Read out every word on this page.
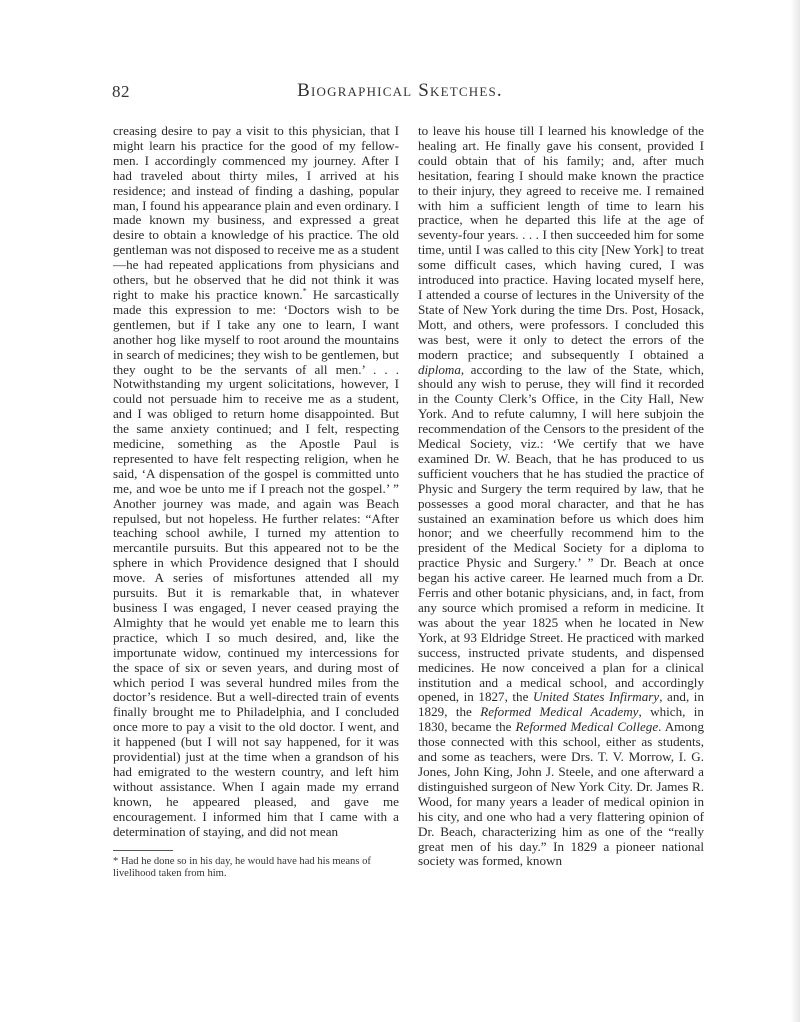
82	Biographical Sketches.

creasing desire to pay a visit to this physician, that I might learn his practice for the good of my fellow-men. I accordingly commenced my journey. After I had traveled about thirty miles, I arrived at his residence; and instead of finding a dashing, popular man, I found his appearance plain and even ordinary. I made known my business, and expressed a great desire to obtain a knowledge of his practice. The old gentleman was not disposed to receive me as a student—he had repeated applications from physicians and others, but he observed that he did not think it was right to make his practice known.* He sarcastically made this expression to me: ‘Doctors wish to be gentlemen, but if I take any one to learn, I want another hog like myself to root around the mountains in search of medicines; they wish to be gentlemen, but they ought to be the servants of all men.’ . . . Notwithstanding my urgent solicitations, however, I could not persuade him to receive me as a student, and I was obliged to return home disappointed. But the same anxiety continued; and I felt, respecting medicine, something as the Apostle Paul is represented to have felt respecting religion, when he said, ‘A dispensation of the gospel is committed unto me, and woe be unto me if I preach not the gospel.’ ” Another journey was made, and again was Beach repulsed, but not hopeless. He further relates: “After teaching school awhile, I turned my attention to mercantile pursuits. But this appeared not to be the sphere in which Providence designed that I should move. A series of misfortunes attended all my pursuits. But it is remarkable that, in whatever business I was engaged, I never ceased praying the Almighty that he would yet enable me to learn this practice, which I so much desired, and, like the importunate widow, continued my intercessions for the space of six or seven years, and during most of which period I was several hundred miles from the doctor’s residence. But a well-directed train of events finally brought me to Philadelphia, and I concluded once more to pay a visit to the old doctor. I went, and it happened (but I will not say happened, for it was providential) just at the time when a grandson of his had emigrated to the western country, and left him without assistance. When I again made my errand known, he appeared pleased, and gave me encouragement. I informed him that I came with a determination of staying, and did not mean

* Had he done so in his day, he would have had his means of livelihood taken from him.

to leave his house till I learned his knowledge of the healing art. He finally gave his consent, provided I could obtain that of his family; and, after much hesitation, fearing I should make known the practice to their injury, they agreed to receive me. I remained with him a sufficient length of time to learn his practice, when he departed this life at the age of seventy-four years. . . . I then succeeded him for some time, until I was called to this city [New York] to treat some difficult cases, which having cured, I was introduced into practice. Having located myself here, I attended a course of lectures in the University of the State of New York during the time Drs. Post, Hosack, Mott, and others, were professors. I concluded this was best, were it only to detect the errors of the modern practice; and subsequently I obtained a diploma, according to the law of the State, which, should any wish to peruse, they will find it recorded in the County Clerk’s Office, in the City Hall, New York. And to refute calumny, I will here subjoin the recommendation of the Censors to the president of the Medical Society, viz.: ‘We certify that we have examined Dr. W. Beach, that he has produced to us sufficient vouchers that he has studied the practice of Physic and Surgery the term required by law, that he possesses a good moral character, and that he has sustained an examination before us which does him honor; and we cheerfully recommend him to the president of the Medical Society for a diploma to practice Physic and Surgery.’ ” Dr. Beach at once began his active career. He learned much from a Dr. Ferris and other botanic physicians, and, in fact, from any source which promised a reform in medicine. It was about the year 1825 when he located in New York, at 93 Eldridge Street. He practiced with marked success, instructed private students, and dispensed medicines. He now conceived a plan for a clinical institution and a medical school, and accordingly opened, in 1827, the United States Infirmary, and, in 1829, the Reformed Medical Academy, which, in 1830, became the Reformed Medical College. Among those connected with this school, either as students, and some as teachers, were Drs. T. V. Morrow, I. G. Jones, John King, John J. Steele, and one afterward a distinguished surgeon of New York City. Dr. James R. Wood, for many years a leader of medical opinion in his city, and one who had a very flattering opinion of Dr. Beach, characterizing him as one of the “really great men of his day.” In 1829 a pioneer national society was formed, known
